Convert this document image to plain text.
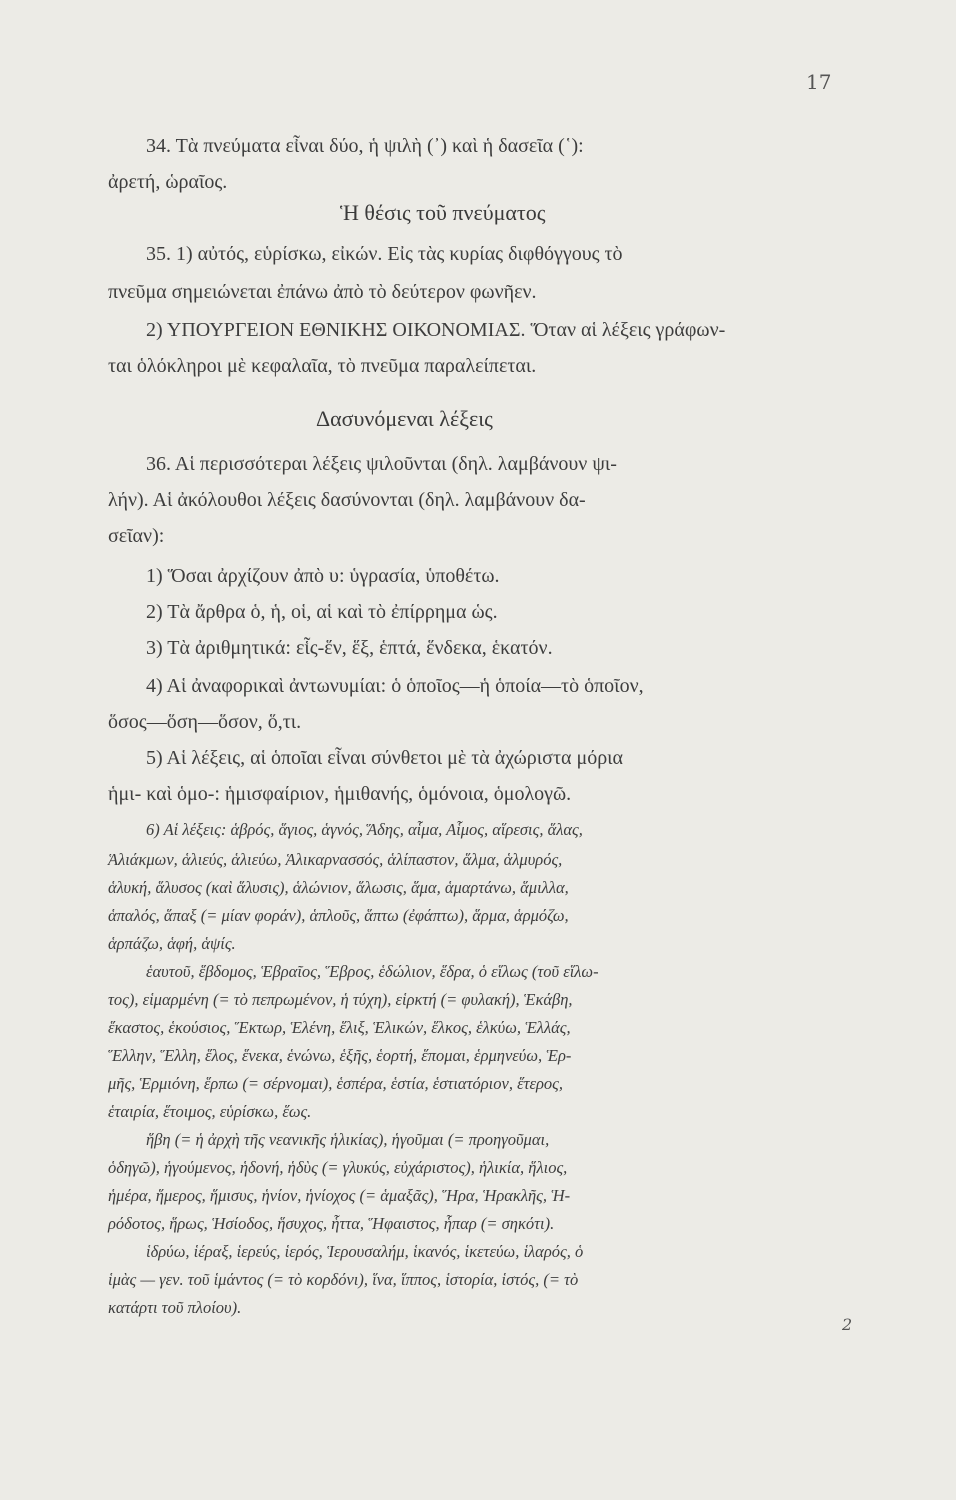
17
34. Τὰ πνεύματα εἶναι δύο, ἡ ψιλὴ (᾿) καὶ ἡ δασεῖα (῾):
ἀρετή, ὡραῖος.
Ἡ θέσις τοῦ πνεύματος
35. 1) αὐτός, εὑρίσκω, εἰκών. Εἰς τὰς κυρίας διφθόγγους τὸ
πνεῦμα σημειώνεται ἐπάνω ἀπὸ τὸ δεύτερον φωνῆεν.
2) ΥΠΟΥΡΓΕΙΟΝ ΕΘΝΙΚΗΣ ΟΙΚΟΝΟΜΙΑΣ. Ὅταν αἱ λέξεις γράφων-
ται ὁλόκληροι μὲ κεφαλαῖα, τὸ πνεῦμα παραλείπεται.
Δασυνόμεναι λέξεις
36. Αἱ περισσότεραι λέξεις ψιλοῦνται (δηλ. λαμβάνουν ψι-
λήν). Αἱ ἀκόλουθοι λέξεις δασύνονται (δηλ. λαμβάνουν δα-
σεῖαν):
1) Ὅσαι ἀρχίζουν ἀπὸ υ: ὑγρασία, ὑποθέτω.
2) Τὰ ἄρθρα ὁ, ἡ, οἱ, αἱ καὶ τὸ ἐπίρρημα ὡς.
3) Τὰ ἀριθμητικά: εἷς-ἕν, ἕξ, ἑπτά, ἕνδεκα, ἑκατόν.
4) Αἱ ἀναφορικαὶ ἀντωνυμίαι: ὁ ὁποῖος—ἡ ὁποία—τὸ ὁποῖον,
ὅσος—ὅση—ὅσον, ὅ,τι.
5) Αἱ λέξεις, αἱ ὁποῖαι εἶναι σύνθετοι μὲ τὰ ἀχώριστα μόρια
ἡμι- καὶ ὁμο-: ἡμισφαίριον, ἡμιθανής, ὁμόνοια, ὁμολογῶ.
6) Αἱ λέξεις: ἁβρός, ἅγιος, ἁγνός, Ἅδης, αἷμα, Αἷμος, αἵρεσις, ἅλας,
Ἁλιάκμων, ἁλιεύς, ἁλιεύω, Ἁλικαρνασσός, ἁλίπαστον, ἅλμα, ἁλμυρός,
ἁλυκή, ἅλυσος (καὶ ἅλυσις), ἁλώνιον, ἅλωσις, ἅμα, ἁμαρτάνω, ἅμιλλα,
ἁπαλός, ἅπαξ (= μίαν φοράν), ἁπλοῦς, ἅπτω (ἐφάπτω), ἅρμα, ἁρμόζω,
ἁρπάζω, ἁφή, ἁψίς.
ἑαυτοῦ, ἕβδομος, Ἑβραῖος, Ἕβρος, ἑδώλιον, ἕδρα, ὁ εἵλως (τοῦ εἵλω-
τος), εἱμαρμένη (= τὸ πεπρωμένον, ἡ τύχη), εἱρκτή (= φυλακή), Ἑκάβη,
ἕκαστος, ἑκούσιος, Ἕκτωρ, Ἑλένη, ἕλιξ, Ἑλικών, ἕλκος, ἑλκύω, Ἑλλάς,
Ἕλλην, Ἕλλη, ἕλος, ἕνεκα, ἑνώνω, ἑξῆς, ἑορτή, ἕπομαι, ἑρμηνεύω, Ἑρ-
μῆς, Ἑρμιόνη, ἕρπω (= σέρνομαι), ἑσπέρα, ἑστία, ἑστιατόριον, ἕτερος,
ἑταιρία, ἕτοιμος, εὑρίσκω, ἕως.
ἥβη (= ἡ ἀρχὴ τῆς νεανικῆς ἡλικίας), ἡγοῦμαι (= προηγοῦμαι,
ὁδηγῶ), ἡγούμενος, ἡδονή, ἡδὺς (= γλυκύς, εὐχάριστος), ἡλικία, ἥλιος,
ἡμέρα, ἥμερος, ἥμισυς, ἡνίον, ἡνίοχος (= ἁμαξᾶς), Ἥρα, Ἡρακλῆς, Ἡ-
ρόδοτος, ἥρως, Ἡσίοδος, ἥσυχος, ἧττα, Ἥφαιστος, ἧπαρ (= σηκότι).
ἱδρύω, ἱέραξ, ἱερεύς, ἱερός, Ἱερουσαλήμ, ἱκανός, ἱκετεύω, ἱλαρός, ὁ
ἱμὰς — γεν. τοῦ ἱμάντος (= τὸ κορδόνι), ἵνα, ἵππος, ἱστορία, ἱστός, (= τὸ
κατάρτι τοῦ πλοίου).
2
